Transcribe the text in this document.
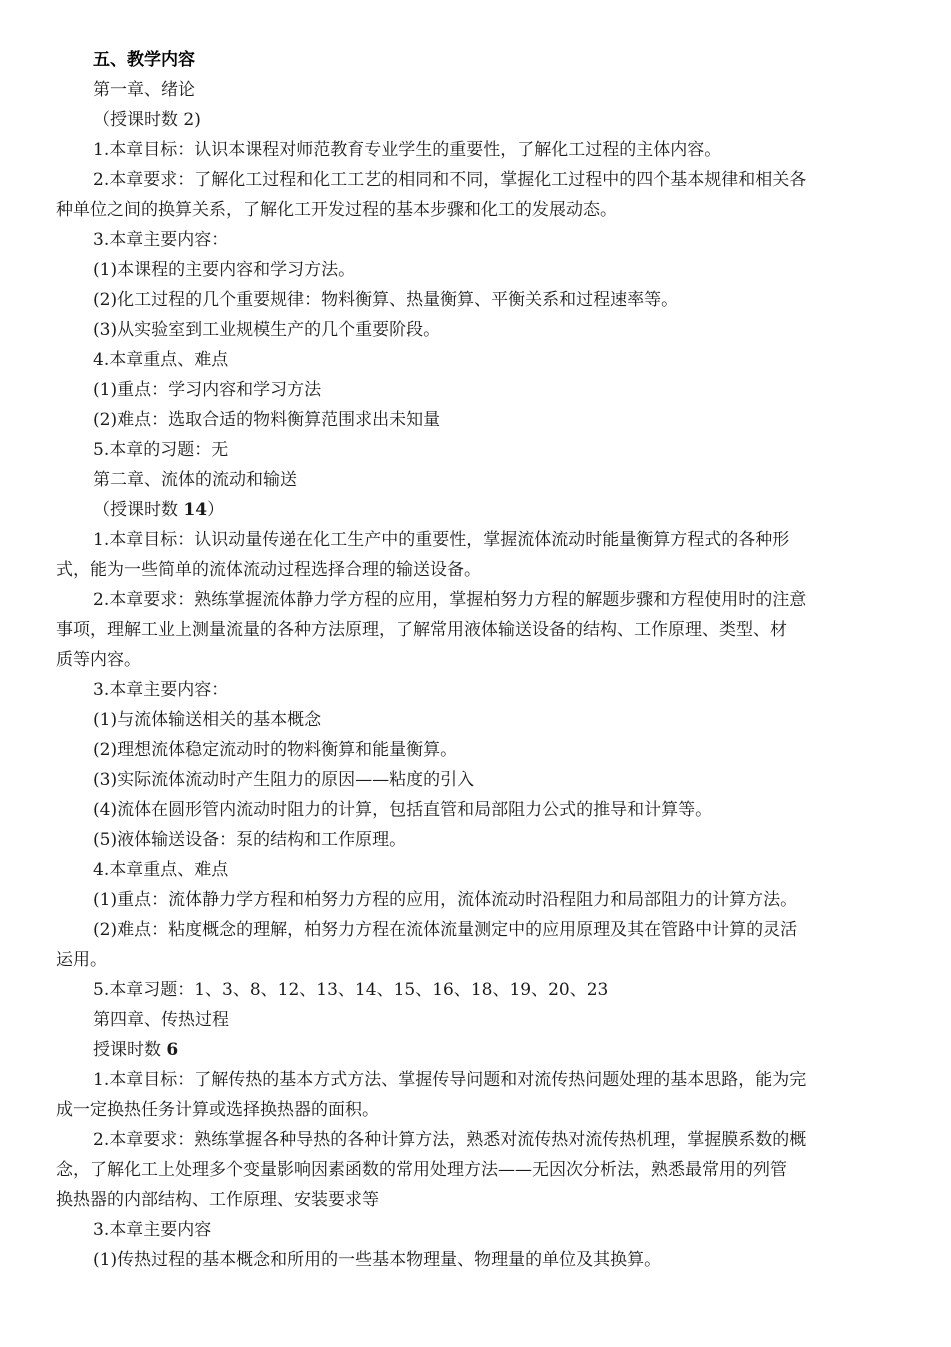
五、教学内容
第一章、绪论
（授课时数 2)
1.本章目标：认识本课程对师范教育专业学生的重要性，了解化工过程的主体内容。
2.本章要求：了解化工过程和化工工艺的相同和不同，掌握化工过程中的四个基本规律和相关各
种单位之间的换算关系，了解化工开发过程的基本步骤和化工的发展动态。
3.本章主要内容：
(1)本课程的主要内容和学习方法。
(2)化工过程的几个重要规律：物料衡算、热量衡算、平衡关系和过程速率等。
(3)从实验室到工业规模生产的几个重要阶段。
4.本章重点、难点
(1)重点：学习内容和学习方法
(2)难点：选取合适的物料衡算范围求出未知量
5.本章的习题：无
第二章、流体的流动和输送
（授课时数 14）
1.本章目标：认识动量传递在化工生产中的重要性，掌握流体流动时能量衡算方程式的各种形
式，能为一些简单的流体流动过程选择合理的输送设备。
2.本章要求：熟练掌握流体静力学方程的应用，掌握柏努力方程的解题步骤和方程使用时的注意
事项，理解工业上测量流量的各种方法原理，了解常用液体输送设备的结构、工作原理、类型、材
质等内容。
3.本章主要内容：
(1)与流体输送相关的基本概念
(2)理想流体稳定流动时的物料衡算和能量衡算。
(3)实际流体流动时产生阻力的原因——粘度的引入
(4)流体在圆形管内流动时阻力的计算，包括直管和局部阻力公式的推导和计算等。
(5)液体输送设备：泵的结构和工作原理。
4.本章重点、难点
(1)重点：流体静力学方程和柏努力方程的应用，流体流动时沿程阻力和局部阻力的计算方法。
(2)难点：粘度概念的理解，柏努力方程在流体流量测定中的应用原理及其在管路中计算的灵活
运用。
5.本章习题：1、3、8、12、13、14、15、16、18、19、20、23
第四章、传热过程
授课时数 6
1.本章目标：了解传热的基本方式方法、掌握传导问题和对流传热问题处理的基本思路，能为完
成一定换热任务计算或选择换热器的面积。
2.本章要求：熟练掌握各种导热的各种计算方法，熟悉对流传热对流传热机理，掌握膜系数的概
念，了解化工上处理多个变量影响因素函数的常用处理方法——无因次分析法，熟悉最常用的列管
换热器的内部结构、工作原理、安装要求等
3.本章主要内容
(1)传热过程的基本概念和所用的一些基本物理量、物理量的单位及其换算。
